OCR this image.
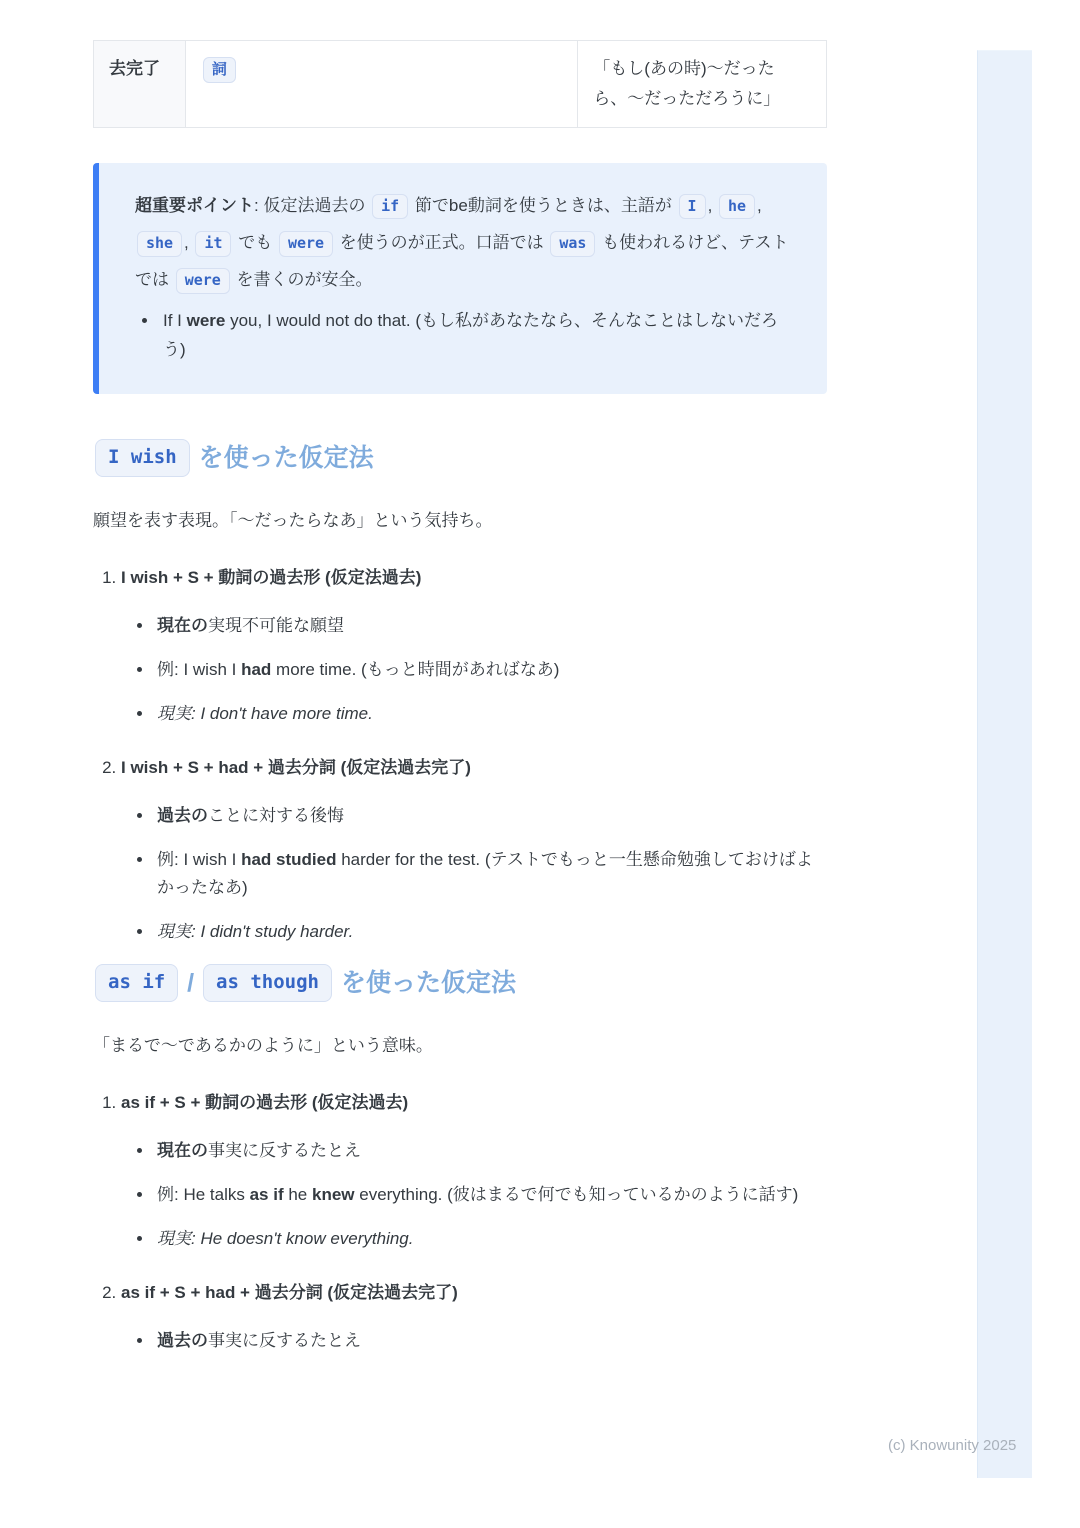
去完了	詞	「もし(あの時)〜だったら、〜だっただろうに」
超重要ポイント: 仮定法過去の if 節でbe動詞を使うときは、主語が I , he , she , it でも were を使うのが正式。口語では was も使われるけど、テストでは were を書くのが安全。
• If I were you, I would not do that. (もし私があなたなら、そんなことはしないだろう)
I wish を使った仮定法

願望を表す表現。「〜だったらなあ」という気持ち。

1. I wish + S + 動詞の過去形 (仮定法過去)
• 現在の実現不可能な願望
• 例: I wish I had more time. (もっと時間があればなあ)
• 現実: I don't have more time.
2. I wish + S + had + 過去分詞 (仮定法過去完了)
• 過去のことに対する後悔
• 例: I wish I had studied harder for the test. (テストでもっと一生懸命勉強しておけばよかったなあ)
• 現実: I didn't study harder.
as if / as though を使った仮定法

「まるで〜であるかのように」という意味。

1. as if + S + 動詞の過去形 (仮定法過去)
• 現在の事実に反するたとえ
• 例: He talks as if he knew everything. (彼はまるで何でも知っているかのように話す)
• 現実: He doesn't know everything.
2. as if + S + had + 過去分詞 (仮定法過去完了)
• 過去の事実に反するたとえ
(c) Knowunity 2025
